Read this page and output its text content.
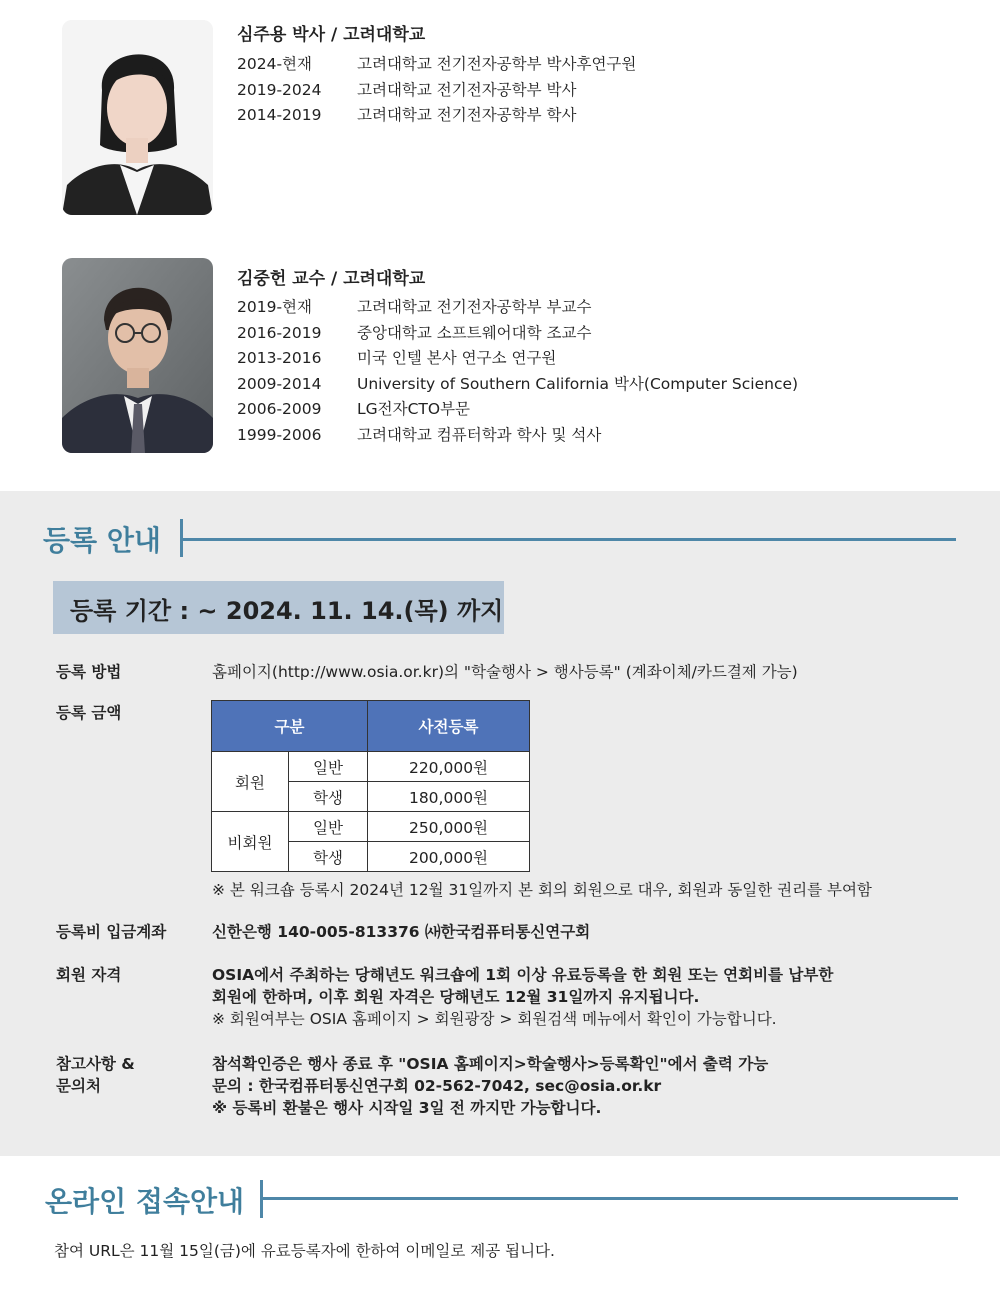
심주용 박사 / 고려대학교
2024-현재	고려대학교 전기전자공학부 박사후연구원
2019-2024	고려대학교 전기전자공학부 박사
2014-2019	고려대학교 전기전자공학부 학사
김중헌 교수 / 고려대학교
2019-현재	고려대학교 전기전자공학부 부교수
2016-2019	중앙대학교 소프트웨어대학 조교수
2013-2016	미국 인텔 본사 연구소 연구원
2009-2014	University of Southern California 박사(Computer Science)
2006-2009	LG전자CTO부문
1999-2006	고려대학교 컴퓨터학과 학사 및 석사
등록 안내
등록 기간 : ~ 2024. 11. 14.(목) 까지
등록 방법	홈페이지(http://www.osia.or.kr)의 "학술행사 > 행사등록" (계좌이체/카드결제 가능)
등록 금액
구분		사전등록
회원	일반	220,000원
	학생	180,000원
비회원	일반	250,000원
	학생	200,000원
※ 본 워크숍 등록시 2024년 12월 31일까지 본 회의 회원으로 대우, 회원과 동일한 권리를 부여함
등록비 입금계좌	신한은행 140-005-813376 ㈔한국컴퓨터통신연구회
회원 자격	OSIA에서 주최하는 당해년도 워크숍에 1회 이상 유료등록을 한 회원 또는 연회비를 납부한
회원에 한하며, 이후 회원 자격은 당해년도 12월 31일까지 유지됩니다.
※ 회원여부는 OSIA 홈페이지 > 회원광장 > 회원검색 메뉴에서 확인이 가능합니다.
참고사항 &
문의처
참석확인증은 행사 종료 후 "OSIA 홈페이지>학술행사>등록확인"에서 출력 가능
문의 : 한국컴퓨터통신연구회 02-562-7042, sec@osia.or.kr
※ 등록비 환불은 행사 시작일 3일 전 까지만 가능합니다.
온라인 접속안내
참여 URL은 11월 15일(금)에 유료등록자에 한하여 이메일로 제공 됩니다.
